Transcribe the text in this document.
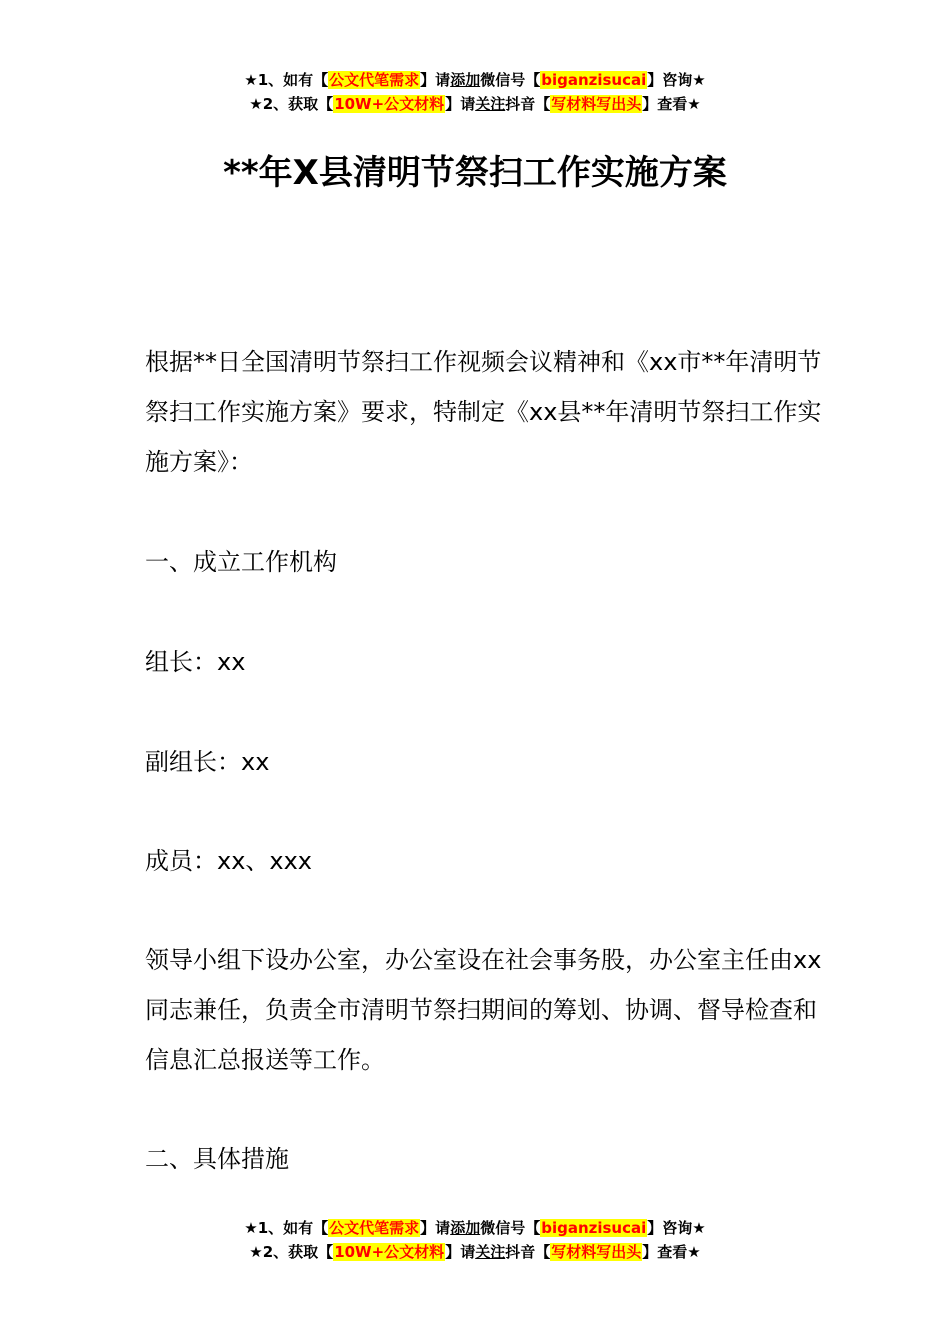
★1、如有【公文代笔需求】请添加微信号【biganzisucai】咨询★
★2、获取【10W+公文材料】请关注抖音【写材料写出头】查看★
**年X县清明节祭扫工作实施方案

根据**日全国清明节祭扫工作视频会议精神和《xx市**年清明节祭扫工作实施方案》要求，特制定《xx县**年清明节祭扫工作实施方案》：

一、成立工作机构

组长：xx

副组长：xx

成员：xx、xxx

领导小组下设办公室，办公室设在社会事务股，办公室主任由xx同志兼任，负责全市清明节祭扫期间的筹划、协调、督导检查和信息汇总报送等工作。

二、具体措施

★1、如有【公文代笔需求】请添加微信号【biganzisucai】咨询★
★2、获取【10W+公文材料】请关注抖音【写材料写出头】查看★
